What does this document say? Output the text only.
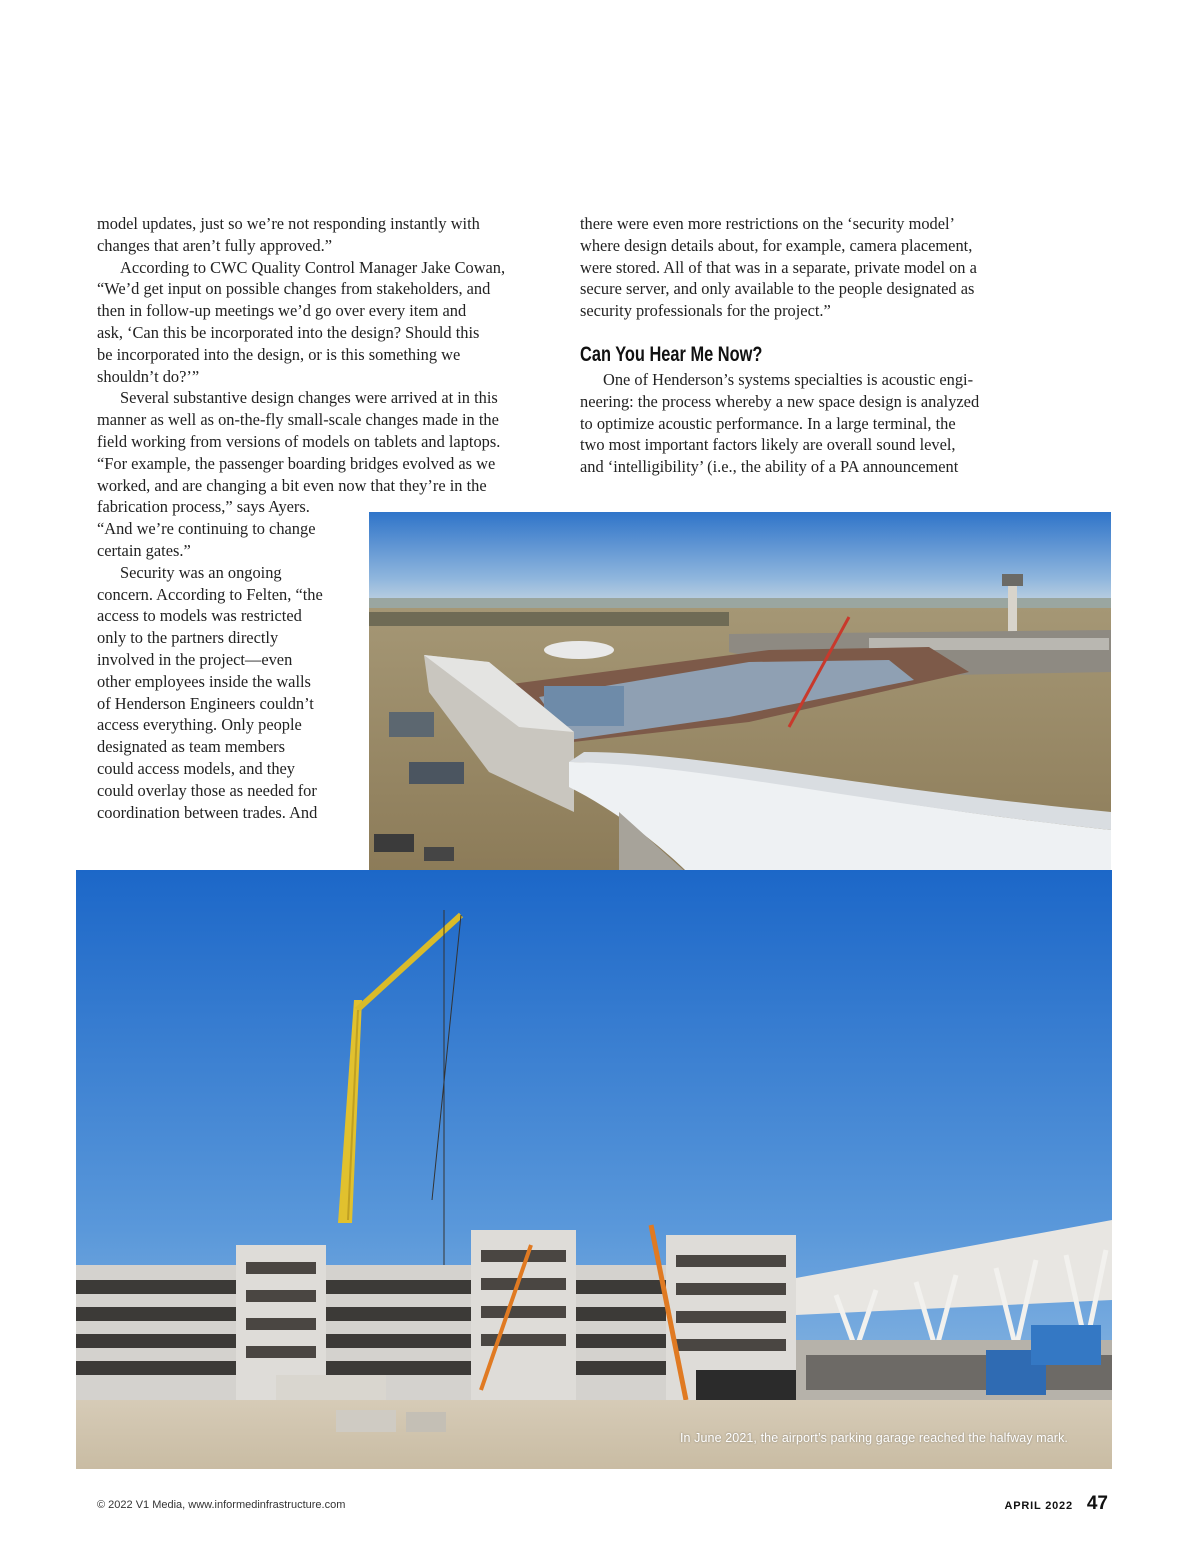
model updates, just so we’re not responding instantly with
changes that aren’t fully approved.”

According to CWC Quality Control Manager Jake Cowan,
“We’d get input on possible changes from stakeholders, and
then in follow-up meetings we’d go over every item and
ask, ‘Can this be incorporated into the design? Should this
be incorporated into the design, or is this something we
shouldn’t do?’”

Several substantive design changes were arrived at in this
manner as well as on-the-fly small-scale changes made in the
field working from versions of models on tablets and laptops.
“For example, the passenger boarding bridges evolved as we
worked, and are changing a bit even now that they’re in the
fabrication process,” says Ayers.
“And we’re continuing to change
certain gates.”

Security was an ongoing
concern. According to Felten, “the
access to models was restricted
only to the partners directly
involved in the project—even
other employees inside the walls
of Henderson Engineers couldn’t
access everything. Only people
designated as team members
could access models, and they
could overlay those as needed for
coordination between trades. And

there were even more restrictions on the ‘security model’
where design details about, for example, camera placement,
were stored. All of that was in a separate, private model on a
secure server, and only available to the people designated as
security professionals for the project.”

Can You Hear Me Now?

One of Henderson’s systems specialties is acoustic engi-
neering: the process whereby a new space design is analyzed
to optimize acoustic performance. In a large terminal, the
two most important factors likely are overall sound level,
and ‘intelligibility’ (i.e., the ability of a PA announcement

In June 2021, the airport’s parking garage reached the halfway mark.
© 2022 V1 Media, www.informedinfrastructure.com	APRIL 2022 47
